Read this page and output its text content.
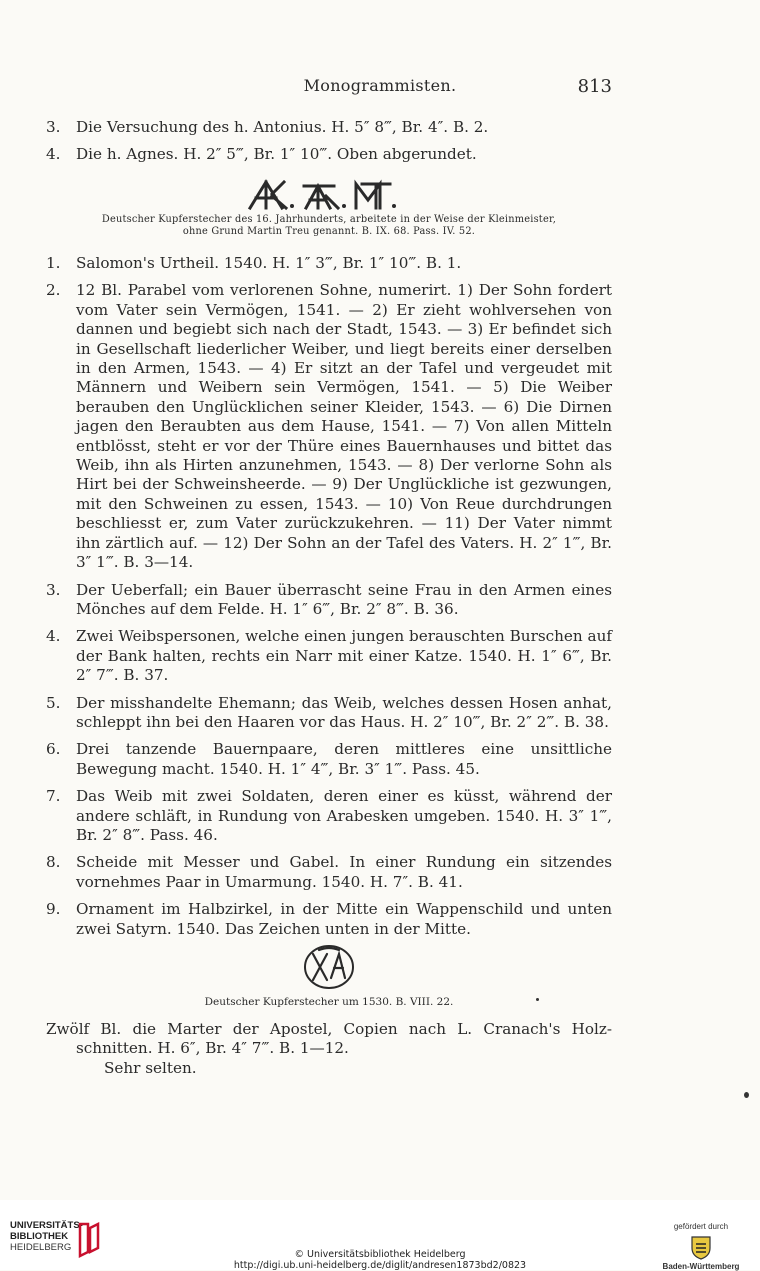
Monogrammisten.	813
3. Die Versuchung des h. Antonius. H. 5″ 8‴, Br. 4″. B. 2.
4. Die h. Agnes. H. 2″ 5‴, Br. 1″ 10‴. Oben abgerundet.
Deutscher Kupferstecher des 16. Jahrhunderts, arbeitete in der Weise der Kleinmeister,
ohne Grund Martin Treu genannt. B. IX. 68. Pass. IV. 52.
1. Salomon's Urtheil. 1540. H. 1″ 3‴, Br. 1″ 10‴. B. 1.
2. 12 Bl. Parabel vom verlorenen Sohne, numerirt. 1) Der Sohn fordert vom Vater sein Vermögen, 1541. — 2) Er zieht wohlversehen von dannen und begiebt sich nach der Stadt, 1543. — 3) Er befindet sich in Gesellschaft liederlicher Weiber, und liegt bereits einer derselben in den Armen, 1543. — 4) Er sitzt an der Tafel und vergeudet mit Männern und Weibern sein Vermögen, 1541. — 5) Die Weiber berauben den Unglücklichen seiner Kleider, 1543. — 6) Die Dirnen jagen den Beraubten aus dem Hause, 1541. — 7) Von allen Mitteln entblösst, steht er vor der Thüre eines Bauernhauses und bittet das Weib, ihn als Hirten anzunehmen, 1543. — 8) Der verlorne Sohn als Hirt bei der Schweinsheerde. — 9) Der Unglückliche ist gezwungen, mit den Schweinen zu essen, 1543. — 10) Von Reue durchdrungen beschliesst er, zum Vater zurückzukehren. — 11) Der Vater nimmt ihn zärtlich auf. — 12) Der Sohn an der Tafel des Vaters. H. 2″ 1‴, Br. 3″ 1‴. B. 3—14.
3. Der Ueberfall; ein Bauer überrascht seine Frau in den Armen eines Mönches auf dem Felde. H. 1″ 6‴, Br. 2″ 8‴. B. 36.
4. Zwei Weibspersonen, welche einen jungen berauschten Burschen auf der Bank halten, rechts ein Narr mit einer Katze. 1540. H. 1″ 6‴, Br. 2″ 7‴. B. 37.
5. Der misshandelte Ehemann; das Weib, welches dessen Hosen anhat, schleppt ihn bei den Haaren vor das Haus. H. 2″ 10‴, Br. 2″ 2‴. B. 38.
6. Drei tanzende Bauernpaare, deren mittleres eine unsittliche Bewegung macht. 1540. H. 1″ 4‴, Br. 3″ 1‴. Pass. 45.
7. Das Weib mit zwei Soldaten, deren einer es küsst, während der andere schläft, in Rundung von Arabesken umgeben. 1540. H. 3″ 1‴, Br. 2″ 8‴. Pass. 46.
8. Scheide mit Messer und Gabel. In einer Rundung ein sitzendes vornehmes Paar in Umarmung. 1540. H. 7″. B. 41.
9. Ornament im Halbzirkel, in der Mitte ein Wappenschild und unten zwei Satyrn. 1540. Das Zeichen unten in der Mitte.
Deutscher Kupferstecher um 1530. B. VIII. 22.
Zwölf Bl. die Marter der Apostel, Copien nach L. Cranach's Holz-
schnitten. H. 6″, Br. 4″ 7‴. B. 1—12.
Sehr selten.
UNIVERSITÄTS-
BIBLIOTHEK
HEIDELBERG
© Universitätsbibliothek Heidelberg
http://digi.ub.uni-heidelberg.de/diglit/andresen1873bd2/0823
gefördert durch
Baden-Württemberg
